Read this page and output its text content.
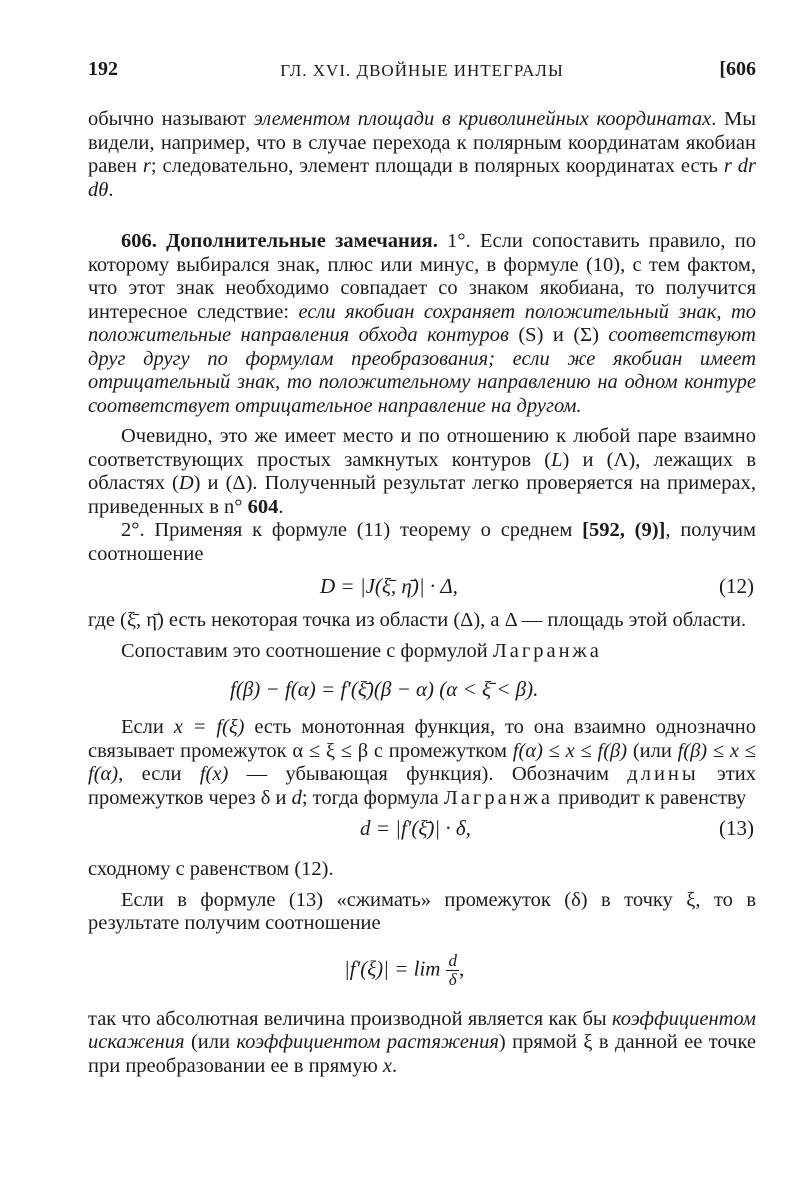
192	ГЛ. XVI. ДВОЙНЫЕ ИНТЕГРАЛЫ	[606

обычно называют элементом площади в криволинейных координатах. Мы видели, например, что в случае перехода к полярным координатам якобиан равен r; следовательно, элемент площади в полярных координатах есть r dr dθ.

606. Дополнительные замечания. 1°. Если сопоставить правило, по которому выбирался знак, плюс или минус, в формуле (10), с тем фактом, что этот знак необходимо совпадает со знаком якобиана, то получится интересное следствие: если якобиан сохраняет положительный знак, то положительные направления обхода контуров (S) и (Σ) соответствуют друг другу по формулам преобразования; если же якобиан имеет отрицательный знак, то положительному направлению на одном контуре соответствует отрицательное направление на другом.

Очевидно, это же имеет место и по отношению к любой паре взаимно соответствующих простых замкнутых контуров (L) и (Λ), лежащих в областях (D) и (Δ). Полученный результат легко проверяется на примерах, приведенных в n° 604.

2°. Применяя к формуле (11) теорему о среднем [592, (9)], получим соотношение

D = |J(ξ̄, η̄)| · Δ,	(12)

где (ξ̄, η̄) есть некоторая точка из области (Δ), а Δ — площадь этой области.

Сопоставим это соотношение с формулой Лагранжа

f(β) − f(α) = f′(ξ̄)(β − α) (α < ξ̄ < β).

Если x = f(ξ) есть монотонная функция, то она взаимно однозначно связывает промежуток α ≤ ξ ≤ β с промежутком f(α) ≤ x ≤ f(β) (или f(β) ≤ x ≤ f(α), если f(x) — убывающая функция). Обозначим длины этих промежутков через δ и d; тогда формула Лагранжа приводит к равенству

d = |f′(ξ̄)| · δ,	(13)

сходному с равенством (12).

Если в формуле (13) «сжимать» промежуток (δ) в точку ξ, то в результате получим соотношение

$|f'(\xi)| = \lim \frac{d}{\delta}$ ,

так что абсолютная величина производной является как бы коэффициентом искажения (или коэффициентом растяжения) прямой ξ в данной ее точке при преобразовании ее в прямую x.
